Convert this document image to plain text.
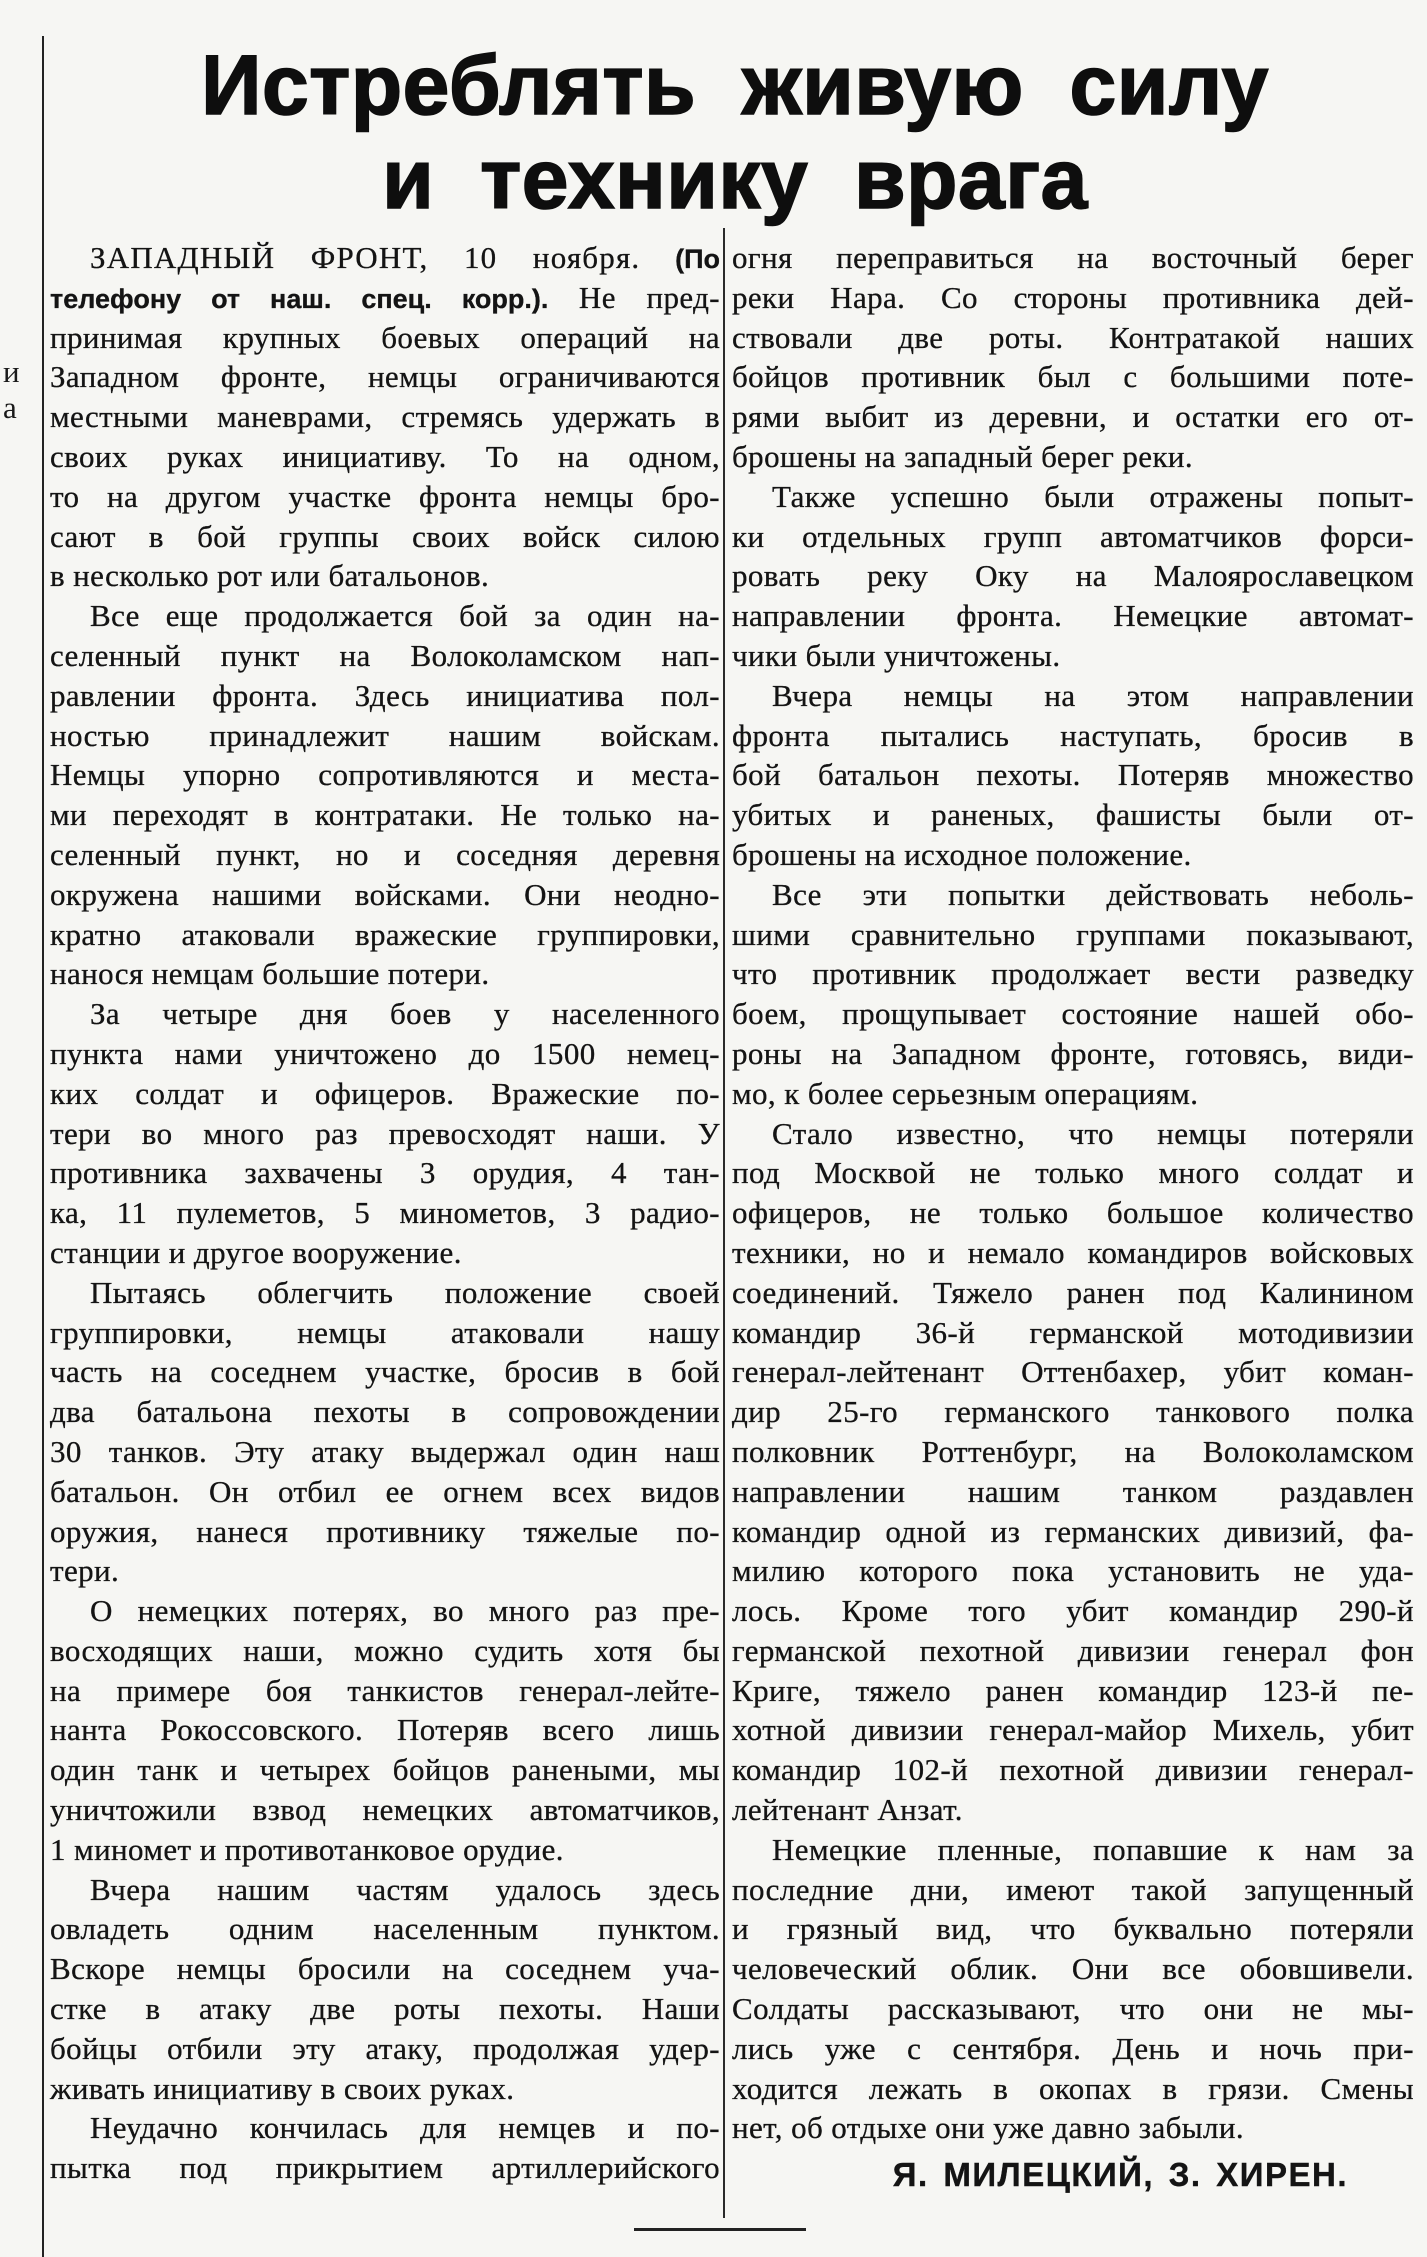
и
а
Истреблять живую силу
и технику врага
ЗАПАДНЫЙ ФРОНТ, 10 ноября. (По
телефону от наш. спец. корр.). Не пред-
принимая крупных боевых операций на
Западном фронте, немцы ограничиваются
местными маневрами, стремясь удержать в
своих руках инициативу. То на одном,
то на другом участке фронта немцы бро-
сают в бой группы своих войск силою
в несколько рот или батальонов.
Все еще продолжается бой за один на-
селенный пункт на Волоколамском нап-
равлении фронта. Здесь инициатива пол-
ностью принадлежит нашим войскам.
Немцы упорно сопротивляются и места-
ми переходят в контратаки. Не только на-
селенный пункт, но и соседняя деревня
окружена нашими войсками. Они неодно-
кратно атаковали вражеские группировки,
нанося немцам большие потери.
За четыре дня боев у населенного
пункта нами уничтожено до 1500 немец-
ких солдат и офицеров. Вражеские по-
тери во много раз превосходят наши. У
противника захвачены 3 орудия, 4 тан-
ка, 11 пулеметов, 5 минометов, 3 радио-
станции и другое вооружение.
Пытаясь облегчить положение своей
группировки, немцы атаковали нашу
часть на соседнем участке, бросив в бой
два батальона пехоты в сопровождении
30 танков. Эту атаку выдержал один наш
батальон. Он отбил ее огнем всех видов
оружия, нанеся противнику тяжелые по-
тери.
О немецких потерях, во много раз пре-
восходящих наши, можно судить хотя бы
на примере боя танкистов генерал-лейте-
нанта Рокоссовского. Потеряв всего лишь
один танк и четырех бойцов ранеными, мы
уничтожили взвод немецких автоматчиков,
1 миномет и противотанковое орудие.
Вчера нашим частям удалось здесь
овладеть одним населенным пунктом.
Вскоре немцы бросили на соседнем уча-
стке в атаку две роты пехоты. Наши
бойцы отбили эту атаку, продолжая удер-
живать инициативу в своих руках.
Неудачно кончилась для немцев и по-
пытка под прикрытием артиллерийского
огня переправиться на восточный берег
реки Нара. Со стороны противника дей-
ствовали две роты. Контратакой наших
бойцов противник был с большими поте-
рями выбит из деревни, и остатки его от-
брошены на западный берег реки.
Также успешно были отражены попыт-
ки отдельных групп автоматчиков форси-
ровать реку Оку на Малоярославецком
направлении фронта. Немецкие автомат-
чики были уничтожены.
Вчера немцы на этом направлении
фронта пытались наступать, бросив в
бой батальон пехоты. Потеряв множество
убитых и раненых, фашисты были от-
брошены на исходное положение.
Все эти попытки действовать неболь-
шими сравнительно группами показывают,
что противник продолжает вести разведку
боем, прощупывает состояние нашей обо-
роны на Западном фронте, готовясь, види-
мо, к более серьезным операциям.
Стало известно, что немцы потеряли
под Москвой не только много солдат и
офицеров, не только большое количество
техники, но и немало командиров войсковых
соединений. Тяжело ранен под Калинином
командир 36-й германской мотодивизии
генерал-лейтенант Оттенбахер, убит коман-
дир 25-го германского танкового полка
полковник Роттенбург, на Волоколамском
направлении нашим танком раздавлен
командир одной из германских дивизий, фа-
милию которого пока установить не уда-
лось. Кроме того убит командир 290-й
германской пехотной дивизии генерал фон
Криге, тяжело ранен командир 123-й пе-
хотной дивизии генерал-майор Михель, убит
командир 102-й пехотной дивизии генерал-
лейтенант Анзат.
Немецкие пленные, попавшие к нам за
последние дни, имеют такой запущенный
и грязный вид, что буквально потеряли
человеческий облик. Они все обовшивели.
Солдаты рассказывают, что они не мы-
лись уже с сентября. День и ночь при-
ходится лежать в окопах в грязи. Смены
нет, об отдыхе они уже давно забыли.
Я. МИЛЕЦКИЙ, З. ХИРЕН.
